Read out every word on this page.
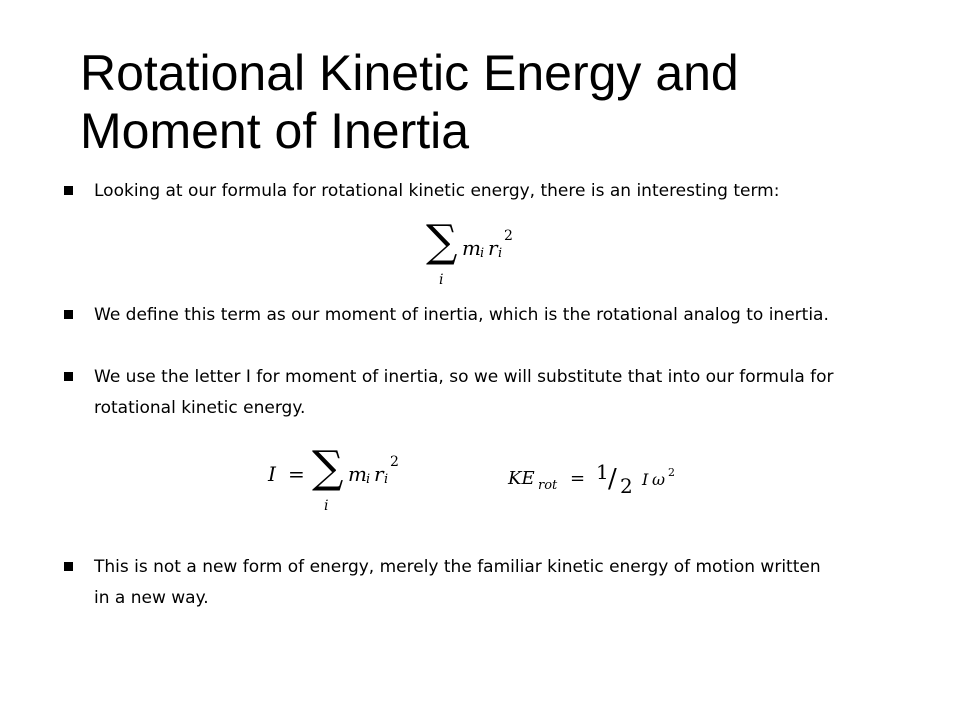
Rotational Kinetic Energy and
Moment of Inertia
Looking at our formula for rotational kinetic energy, there is an interesting term:
∑
i
m i r i
2
We define this term as our moment of inertia, which is the rotational analog to inertia.
We use the letter I for moment of inertia, so we will substitute that into our formula for rotational kinetic energy.
I = ∑
i
m i r i
2
KE rot = 1 / 2 I ω 2
This is not a new form of energy, merely the familiar kinetic energy of motion written in a new way.
